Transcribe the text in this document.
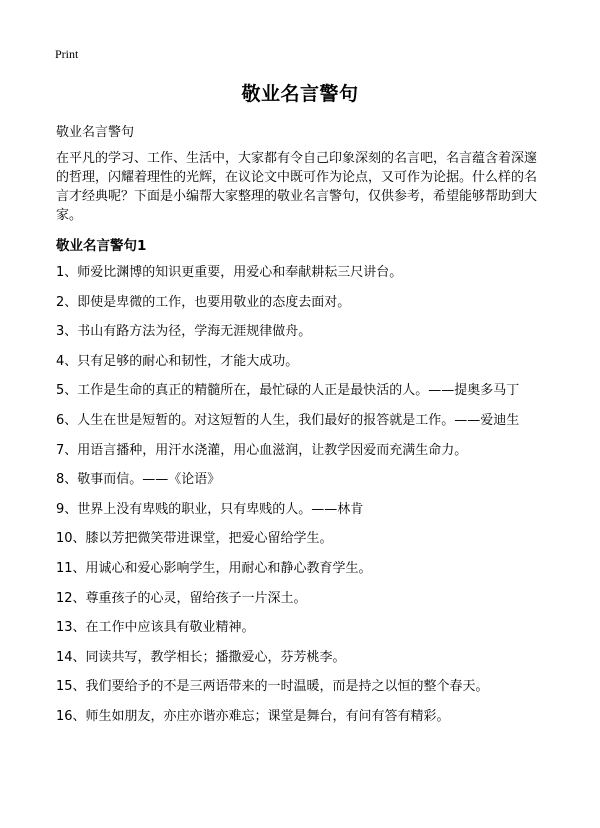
Print
敬业名言警句
敬业名言警句

在平凡的学习、工作、生活中，大家都有令自己印象深刻的名言吧，名言蕴含着深邃的哲理，闪耀着理性的光辉，在议论文中既可作为论点，又可作为论据。什么样的名言才经典呢？下面是小编帮大家整理的敬业名言警句，仅供参考，希望能够帮助到大家。

敬业名言警句1
1、师爱比渊博的知识更重要，用爱心和奉献耕耘三尺讲台。
2、即使是卑微的工作，也要用敬业的态度去面对。
3、书山有路方法为径，学海无涯规律做舟。
4、只有足够的耐心和韧性，才能大成功。
5、工作是生命的真正的精髓所在，最忙碌的人正是最快活的人。——提奥多马丁
6、人生在世是短暂的。对这短暂的人生，我们最好的报答就是工作。——爱迪生
7、用语言播种，用汗水浇灌，用心血滋润，让教学因爱而充满生命力。
8、敬事而信。——《论语》
9、世界上没有卑贱的职业，只有卑贱的人。——林肯
10、膝以芳把微笑带进课堂，把爱心留给学生。
11、用诚心和爱心影响学生，用耐心和静心教育学生。
12、尊重孩子的心灵，留给孩子一片深土。
13、在工作中应该具有敬业精神。
14、同读共写，教学相长；播撒爱心，芬芳桃李。
15、我们要给予的不是三两语带来的一时温暖，而是持之以恒的整个春天。
16、师生如朋友，亦庄亦谐亦难忘；课堂是舞台，有问有答有精彩。
